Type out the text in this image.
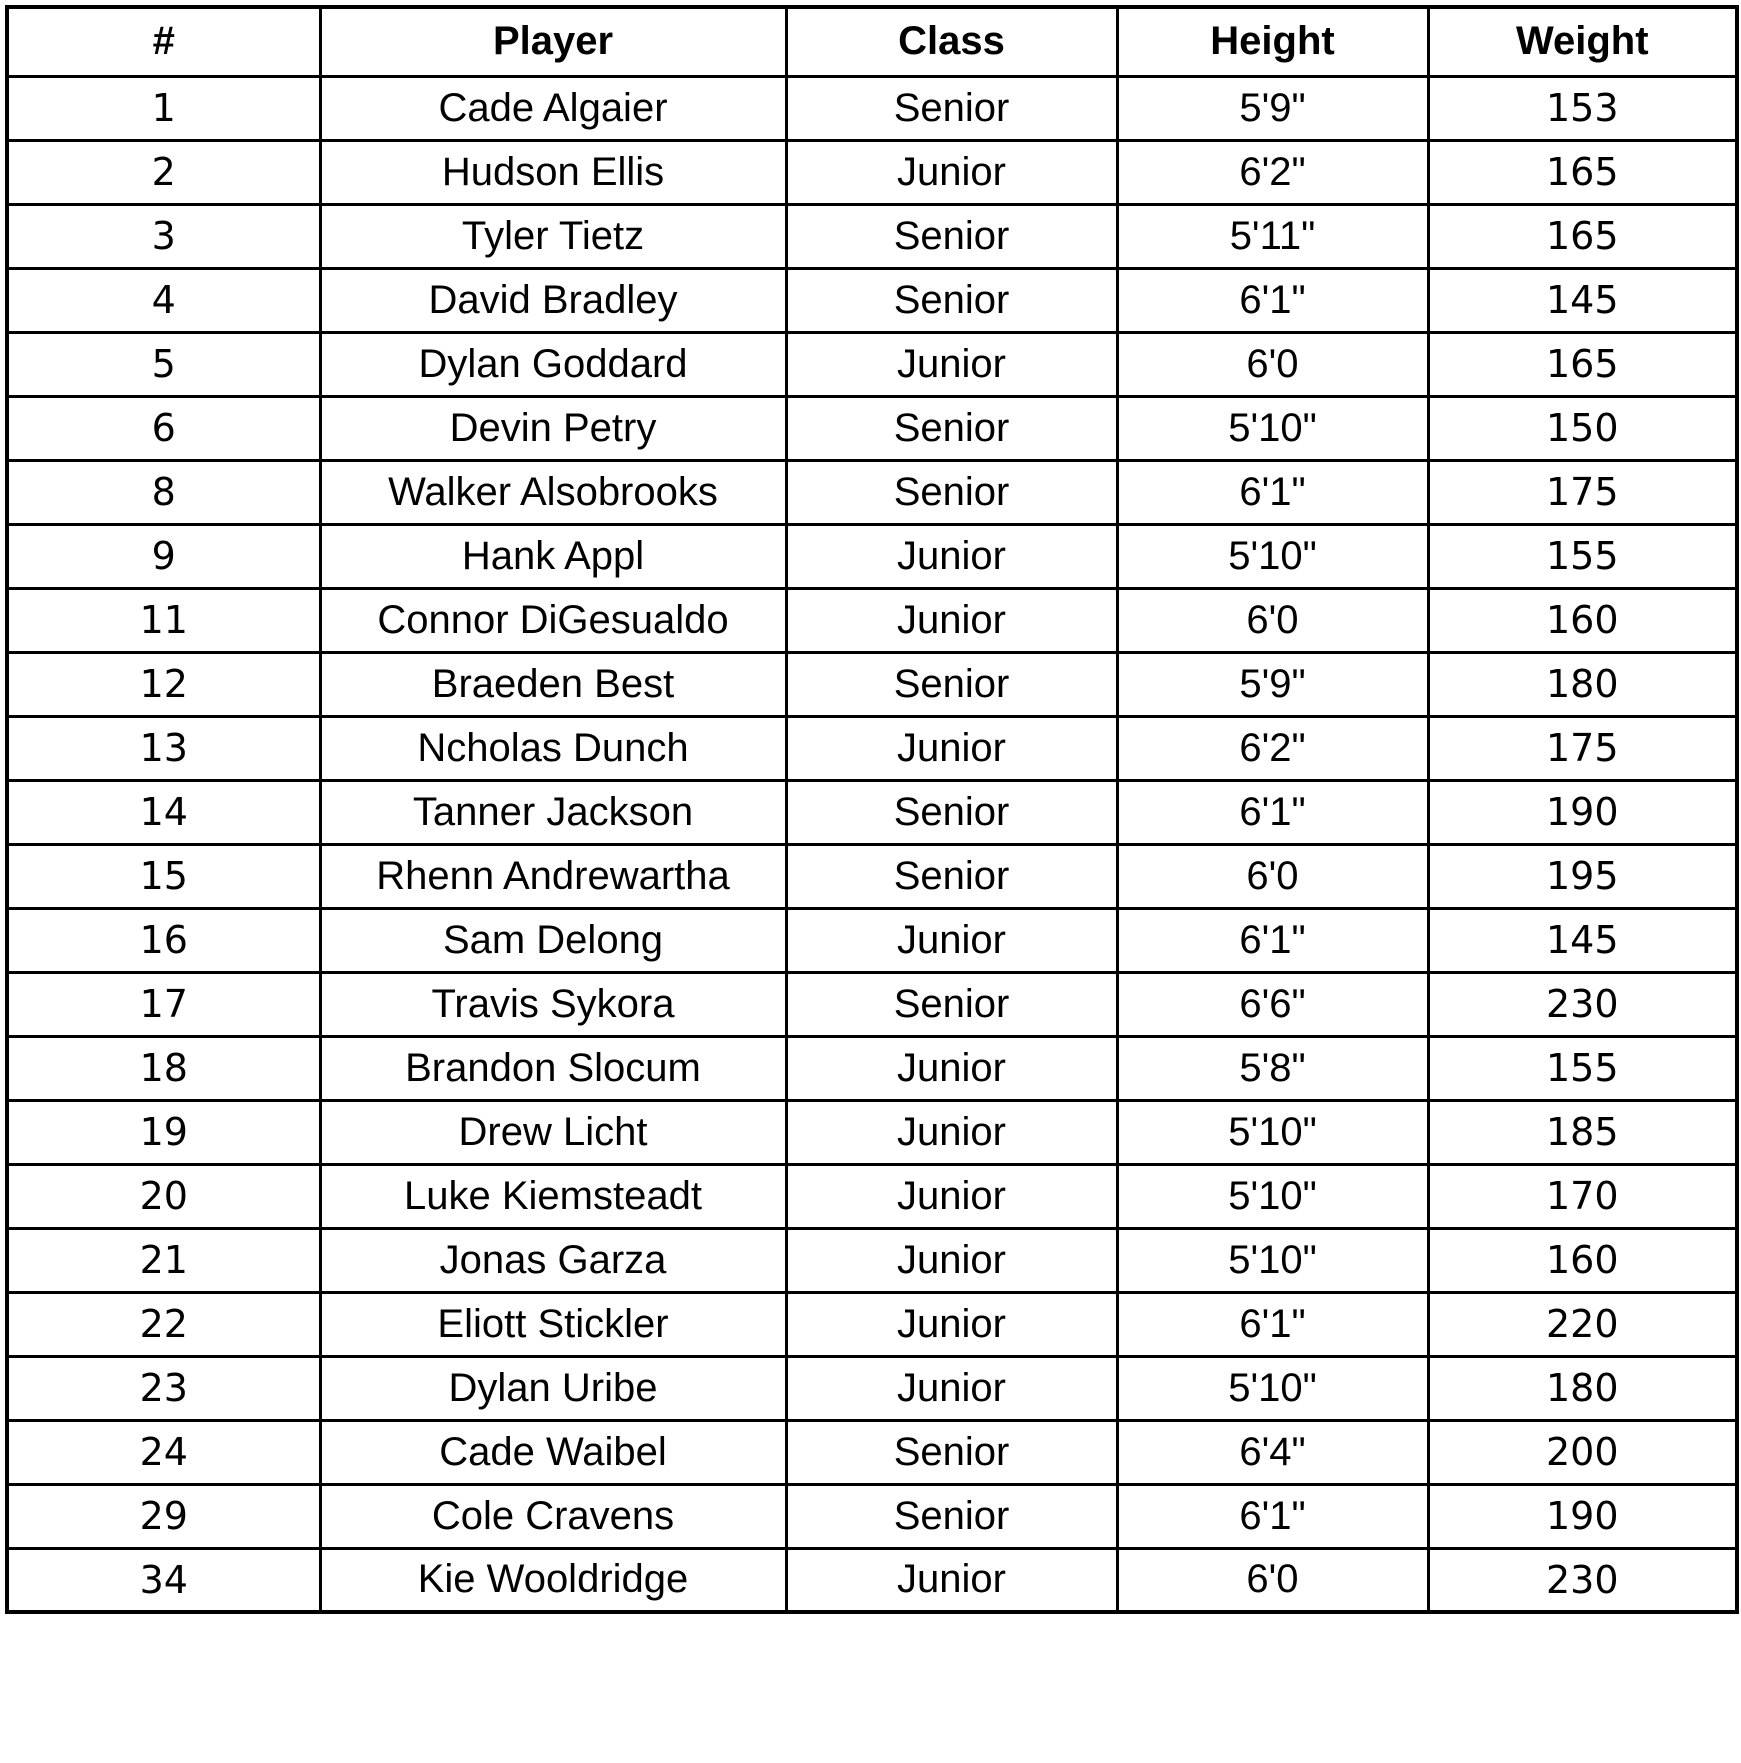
#	Player	Class	Height	Weight
1	Cade Algaier	Senior	5'9"	153
2	Hudson Ellis	Junior	6'2"	165
3	Tyler Tietz	Senior	5'11"	165
4	David Bradley	Senior	6'1"	145
5	Dylan Goddard	Junior	6'0	165
6	Devin Petry	Senior	5'10"	150
8	Walker Alsobrooks	Senior	6'1"	175
9	Hank Appl	Junior	5'10"	155
11	Connor DiGesualdo	Junior	6'0	160
12	Braeden Best	Senior	5'9"	180
13	Ncholas Dunch	Junior	6'2"	175
14	Tanner Jackson	Senior	6'1"	190
15	Rhenn Andrewartha	Senior	6'0	195
16	Sam Delong	Junior	6'1"	145
17	Travis Sykora	Senior	6'6"	230
18	Brandon Slocum	Junior	5'8"	155
19	Drew Licht	Junior	5'10"	185
20	Luke Kiemsteadt	Junior	5'10"	170
21	Jonas Garza	Junior	5'10"	160
22	Eliott Stickler	Junior	6'1"	220
23	Dylan Uribe	Junior	5'10"	180
24	Cade Waibel	Senior	6'4"	200
29	Cole Cravens	Senior	6'1"	190
34	Kie Wooldridge	Junior	6'0	230
